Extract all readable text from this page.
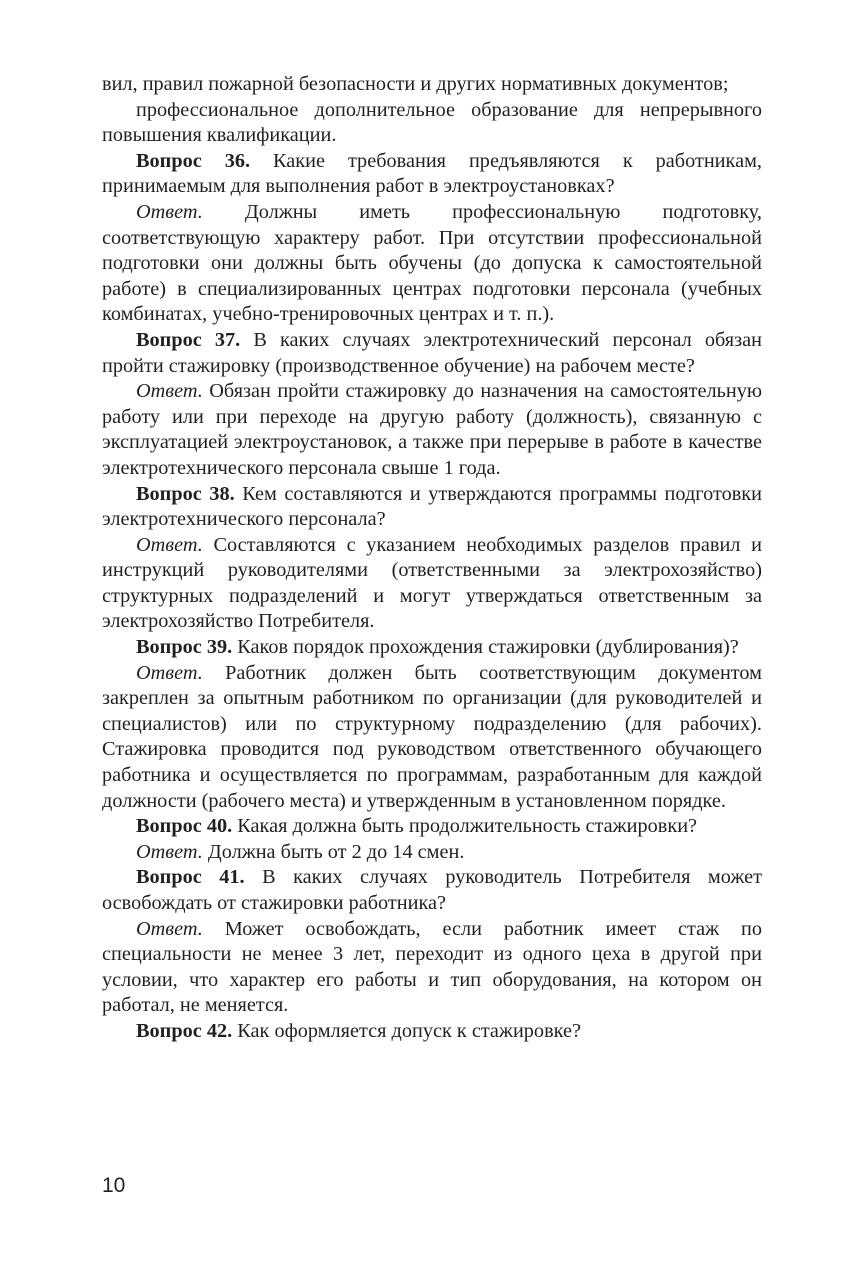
вил, правил пожарной безопасности и других нормативных документов;

профессиональное дополнительное образование для непрерывного повышения квалификации.

Вопрос 36. Какие требования предъявляются к работникам, принимаемым для выполнения работ в электроустановках?

Ответ. Должны иметь профессиональную подготовку, соответствующую характеру работ. При отсутствии профессиональной подготовки они должны быть обучены (до допуска к самостоятельной работе) в специализированных центрах подготовки персонала (учебных комбинатах, учебно-тренировочных центрах и т. п.).

Вопрос 37. В каких случаях электротехнический персонал обязан пройти стажировку (производственное обучение) на рабочем месте?

Ответ. Обязан пройти стажировку до назначения на самостоятельную работу или при переходе на другую работу (должность), связанную с эксплуатацией электроустановок, а также при перерыве в работе в качестве электротехнического персонала свыше 1 года.

Вопрос 38. Кем составляются и утверждаются программы подготовки электротехнического персонала?

Ответ. Составляются с указанием необходимых разделов правил и инструкций руководителями (ответственными за электрохозяйство) структурных подразделений и могут утверждаться ответственным за электрохозяйство Потребителя.

Вопрос 39. Каков порядок прохождения стажировки (дублирования)?

Ответ. Работник должен быть соответствующим документом закреплен за опытным работником по организации (для руководителей и специалистов) или по структурному подразделению (для рабочих). Стажировка проводится под руководством ответственного обучающего работника и осуществляется по программам, разработанным для каждой должности (рабочего места) и утвержденным в установленном порядке.

Вопрос 40. Какая должна быть продолжительность стажировки?

Ответ. Должна быть от 2 до 14 смен.

Вопрос 41. В каких случаях руководитель Потребителя может освобождать от стажировки работника?

Ответ. Может освобождать, если работник имеет стаж по специальности не менее 3 лет, переходит из одного цеха в другой при условии, что характер его работы и тип оборудования, на котором он работал, не меняется.

Вопрос 42. Как оформляется допуск к стажировке?

10
